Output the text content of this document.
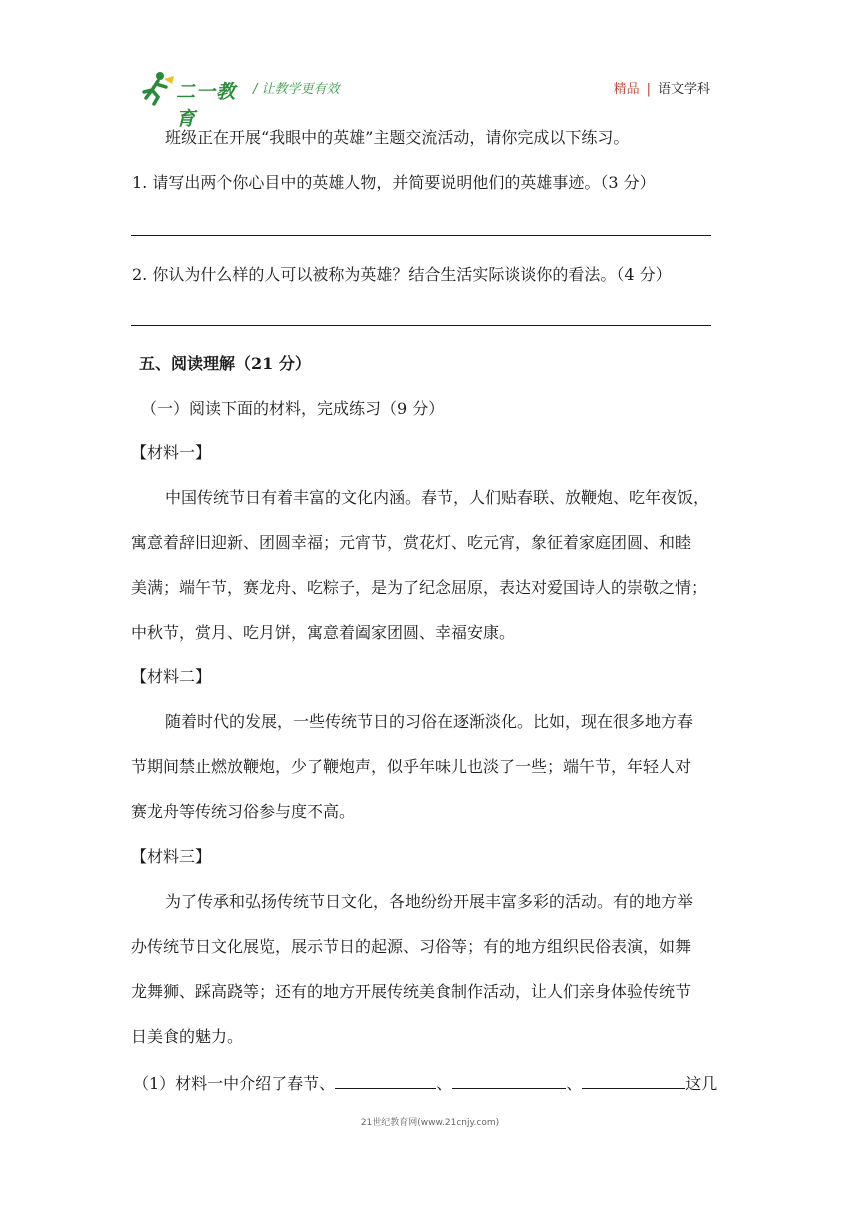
二一教育
/ 让教学更有效	精品 | 语文学科
班级正在开展“我眼中的英雄”主题交流活动，请你完成以下练习。
1. 请写出两个你心目中的英雄人物，并简要说明他们的英雄事迹。（3 分）
2. 你认为什么样的人可以被称为英雄？结合生活实际谈谈你的看法。（4 分）
五、阅读理解（21 分）
（一）阅读下面的材料，完成练习（9 分）
【材料一】
中国传统节日有着丰富的文化内涵。春节，人们贴春联、放鞭炮、吃年夜饭，
寓意着辞旧迎新、团圆幸福；元宵节，赏花灯、吃元宵，象征着家庭团圆、和睦
美满；端午节，赛龙舟、吃粽子，是为了纪念屈原，表达对爱国诗人的崇敬之情；
中秋节，赏月、吃月饼，寓意着阖家团圆、幸福安康。
【材料二】
随着时代的发展，一些传统节日的习俗在逐渐淡化。比如，现在很多地方春
节期间禁止燃放鞭炮，少了鞭炮声，似乎年味儿也淡了一些；端午节，年轻人对
赛龙舟等传统习俗参与度不高。
【材料三】
为了传承和弘扬传统节日文化，各地纷纷开展丰富多彩的活动。有的地方举
办传统节日文化展览，展示节日的起源、习俗等；有的地方组织民俗表演，如舞
龙舞狮、踩高跷等；还有的地方开展传统美食制作活动，让人们亲身体验传统节
日美食的魅力。
（1）材料一中介绍了春节、	、	、	这几
21世纪教育网(www.21cnjy.com)
